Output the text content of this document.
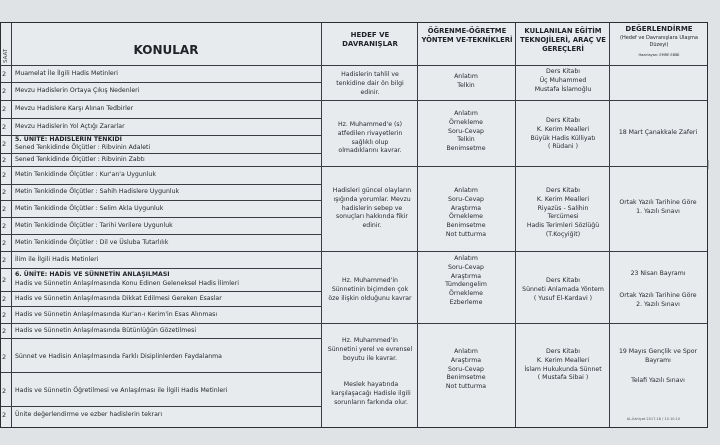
SAAT	KONULAR
HEDEF VE DAVRANIŞLAR
ÖĞRENME-ÖĞRETME YÖNTEM VE-TEKNİKLERİ
KULLANILAN EĞİTİM TEKNOJİLERİ, ARAÇ VE GEREÇLERİ
DEĞERLENDİRME
(Hedef ve Davranışlara Ulaşma Düzeyi)
Hazırlayan: EMRE EBİBİ
2
2
2
2
2
2
2
2
2
2
2
2
2
2
2
2
2
2
2
Muamelat İle İlgili Hadis Metinleri
Mevzu Hadislerin Ortaya Çıkış Nedenleri
Mevzu Hadislere Karşı Alınan Tedbirler
Mevzu Hadislerin Yol Açtığı Zararlar
5. ÜNİTE: HADİSLERİN TENKİDİ
Sened Tenkidinde Ölçütler : Ribvinin Adaleti
Sened Tenkidinde Ölçütler : Ribvinin Zabtı
Metin Tenkidinde Ölçütler : Kur'an'a Uygunluk
Metin Tenkidinde Ölçütler : Sahih Hadislere Uygunluk
Metin Tenkidinde Ölçütler : Selim Akla Uygunluk
Metin Tenkidinde Ölçütler : Tarihi Verilere Uygunluk
Metin Tenkidinde Ölçütler : Dil ve Üsluba Tutarlılık
İlim ile İlgili Hadis Metinleri
6. ÜNİTE: HADİS VE SÜNNETİN ANLAŞILMASI
Hadis ve Sünnetin Anlaşılmasında Konu Edinen Geleneksel Hadis İlimleri
Hadis ve Sünnetin Anlaşılmasında Dikkat Edilmesi Gereken Esaslar
Hadis ve Sünnetin Anlaşılmasında Kur'an-ı Kerim'in Esas Alınması
Hadis ve Sünnetin Anlaşılmasında Bütünlüğün Gözetilmesi
Sünnet ve Hadisin Anlaşılmasında Farklı Disiplinlerden Faydalanma
Hadis ve Sünnetin Öğretilmesi ve Anlaşılması ile İlgili Hadis Metinleri
Ünite değerlendirme ve ezber hadislerin tekrarı
Hadislerin tahlil ve tenkidine dair ön bilgi edinir.
Anlatım
Telkin
Ders Kitabı
Üç Muhammed
Mustafa İslamoğlu
Hz. Muhammed'e (s) atfedilen rivayetlerin sağlıklı olup olmadıklarını kavrar.
Anlatım
Örnekleme
Soru-Cevap
Telkin
Benimsetme
Ders Kitabı
K. Kerim Mealleri
Büyük Hadis Külliyatı
( Rüdani )
18 Mart Çanakkale Zaferi
Hadisleri güncel olayların ışığında yorumlar. Mevzu hadislerin sebep ve sonuçları hakkında fikir edinir.
Anlatım
Soru-Cevap
Araştırma
Örnekleme
Benimsetme
Not tutturma
Ders Kitabı
K. Kerim Mealleri
Riyazüs - Salihin
Tercümesi
Hadis Terimleri Sözlüğü
(T.Koçyiğit)
Ortak Yazılı Tarihine Göre
1. Yazılı Sınavı
Hz. Muhammed'in Sünnetinin biçimden çok öze ilişkin olduğunu kavrar
Anlatım
Soru-Cevap
Araştırma
Tümdengelim
Örnekleme
Ezberleme
Ders Kitabı
Sünneti Anlamada Yöntem
( Yusuf El-Kardavi )
23 Nisan Bayramı
Ortak Yazılı Tarihine Göre
2. Yazılı Sınavı
Hz. Muhammed'in Sünnetini yerel ve evrensel boyutu ile kavrar.
Meslek hayatında karşılaşacağı Hadisle ilgili sorunların farkında olur.
Anlatım
Araştırma
Soru-Cevap
Benimsetme
Not tutturma
Ders Kitabı
K. Kerim Mealleri
İslam Hukukunda Sünnet
( Mustafa Sibai )
19 Mayıs Gençlik ve Spor Bayramı
Telafi Yazılı Sınavı
AL-İlahiyat 2017-18 / 10.10.10
I
